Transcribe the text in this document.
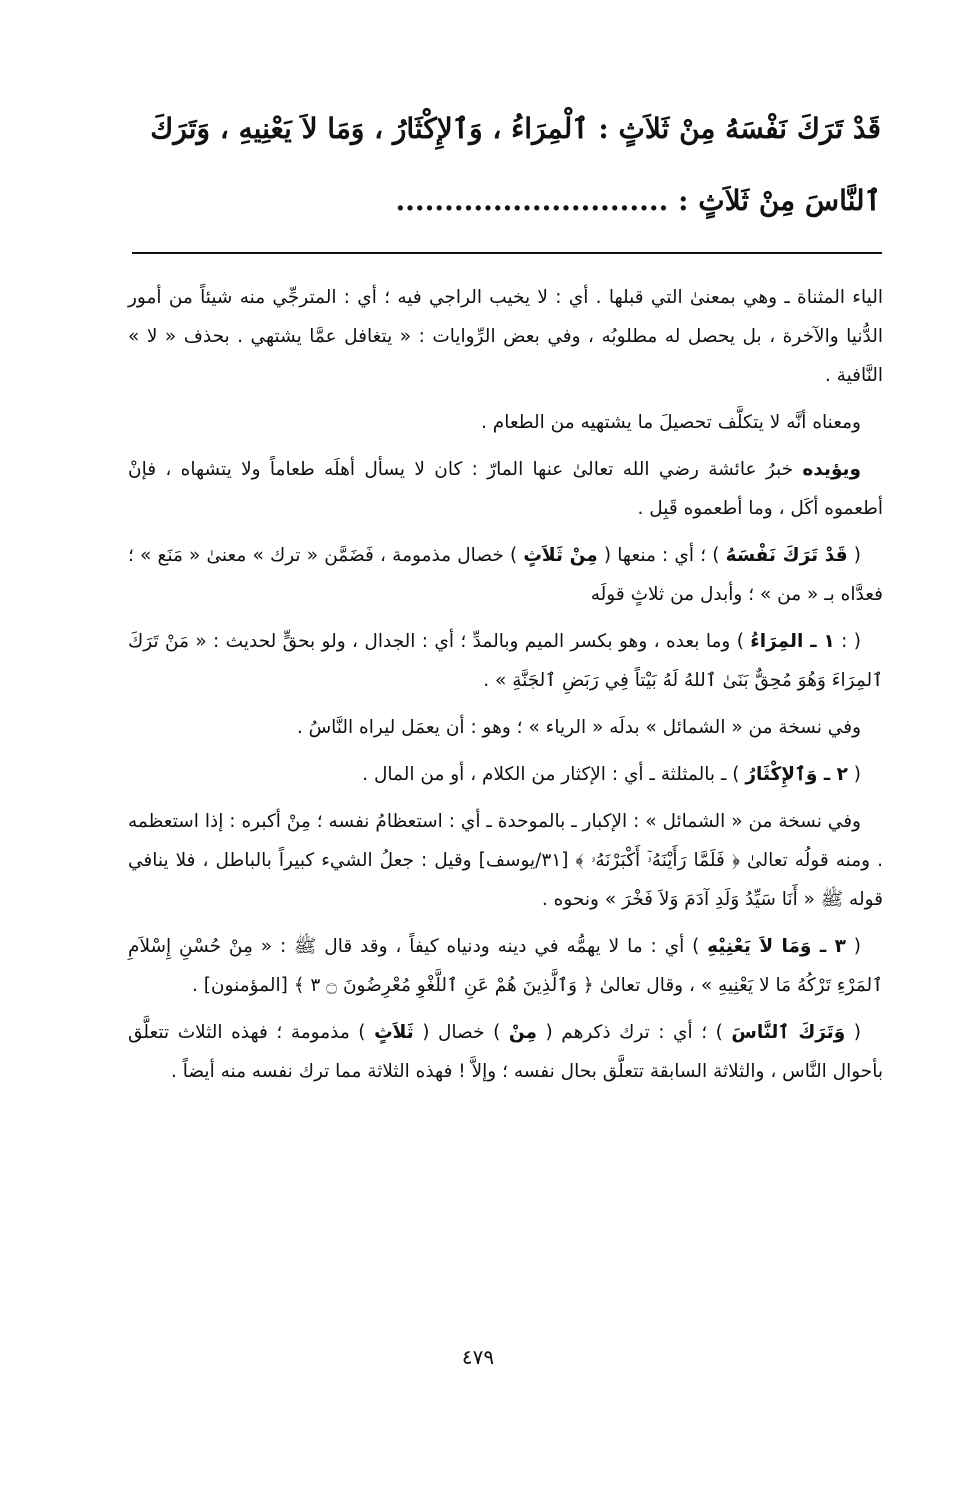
قَدْ تَرَكَ نَفْسَهُ مِنْ ثَلاَثٍ : ٱلْمِرَاءُ ، وَٱلإِكْثَارُ ، وَمَا لاَ يَعْنِيهِ ، وَتَرَكَ
ٱلنَّاسَ مِنْ ثَلاَثٍ : ............................

الياء المثناة ـ وهي بمعنىٰ التي قبلها . أي : لا يخيب الراجي فيه ؛ أي : المترجِّي منه شيئاً من أمور الدُّنيا والآخرة ، بل يحصل له مطلوبُه ، وفي بعض الرِّوايات : « يتغافل عمَّا يشتهي . بحذف « لا » النَّافية .

ومعناه أنَّه لا يتكلَّف تحصيلَ ما يشتهيه من الطعام .

ويؤيده خبرُ عائشة رضي الله تعالىٰ عنها المارّ : كان لا يسأل أهلَه طعاماً ولا يتشهاه ، فإنْ أطعموه أكَل ، وما أطعموه قَبِل .

( قَدْ تَرَكَ نَفْسَهُ ) ؛ أي : منعها ( مِنْ ثَلاَثٍ ) خصال مذمومة ، فَضَمَّن « ترك » معنىٰ « مَنَع » ؛ فعدَّاه بـ « من » ؛ وأبدل من ثلاثٍ قولَه

( : ١ ـ المِرَاءُ ) وما بعده ، وهو بكسر الميم وبالمدِّ ؛ أي : الجدال ، ولو بحقٍّ لحديث : « مَنْ تَرَكَ ٱلمِرَاءَ وَهُوَ مُحِقٌّ بَنَىٰ ٱللهُ لَهُ بَيْتاً فِي رَبَضِ ٱلجَنَّةِ » .

وفي نسخة من « الشمائل » بدلَه « الرياء » ؛ وهو : أن يعمَل ليراه النَّاسُ .

( ٢ ـ وَٱلإِكْثَارُ ) ـ بالمثلثة ـ أي : الإكثار من الكلام ، أو من المال .

وفي نسخة من « الشمائل » : الإكبار ـ بالموحدة ـ أي : استعظامُ نفسه ؛ مِنْ أكبره : إذا استعظمه . ومنه قولُه تعالىٰ ﴿ فَلَمَّا رَأَيْنَهُۥٓ أَكْبَرْنَهُۥ ﴾ [٣١/يوسف] وقيل : جعلُ الشيء كبيراً بالباطل ، فلا ينافي قوله ﷺ « أَنَا سَيِّدُ وَلَدِ آدَمَ وَلاَ فَخْرَ » ونحوه .

( ٣ ـ وَمَا لاَ يَعْنِيْهِ ) أي : ما لا يهمُّه في دينه ودنياه كيفاً ، وقد قال ﷺ : « مِنْ حُسْنِ إِسْلاَمِ ٱلمَرْءِ تَرْكُهُ مَا لا يَعْنِيهِ » ، وقال تعالىٰ ﴿ وَٱلَّذِينَ هُمْ عَنِ ٱللَّغْوِ مُعْرِضُونَ ۝ ٣ ﴾ [المؤمنون] .

( وَتَرَكَ ٱلنَّاسَ ) ؛ أي : ترك ذكرهم ( مِنْ ) خصال ( ثَلاَثٍ ) مذمومة ؛ فهذه الثلاث تتعلَّق بأحوال النَّاس ، والثلاثة السابقة تتعلَّق بحال نفسه ؛ وإلاَّ ! فهذه الثلاثة مما ترك نفسه منه أيضاً .

٤٧٩
